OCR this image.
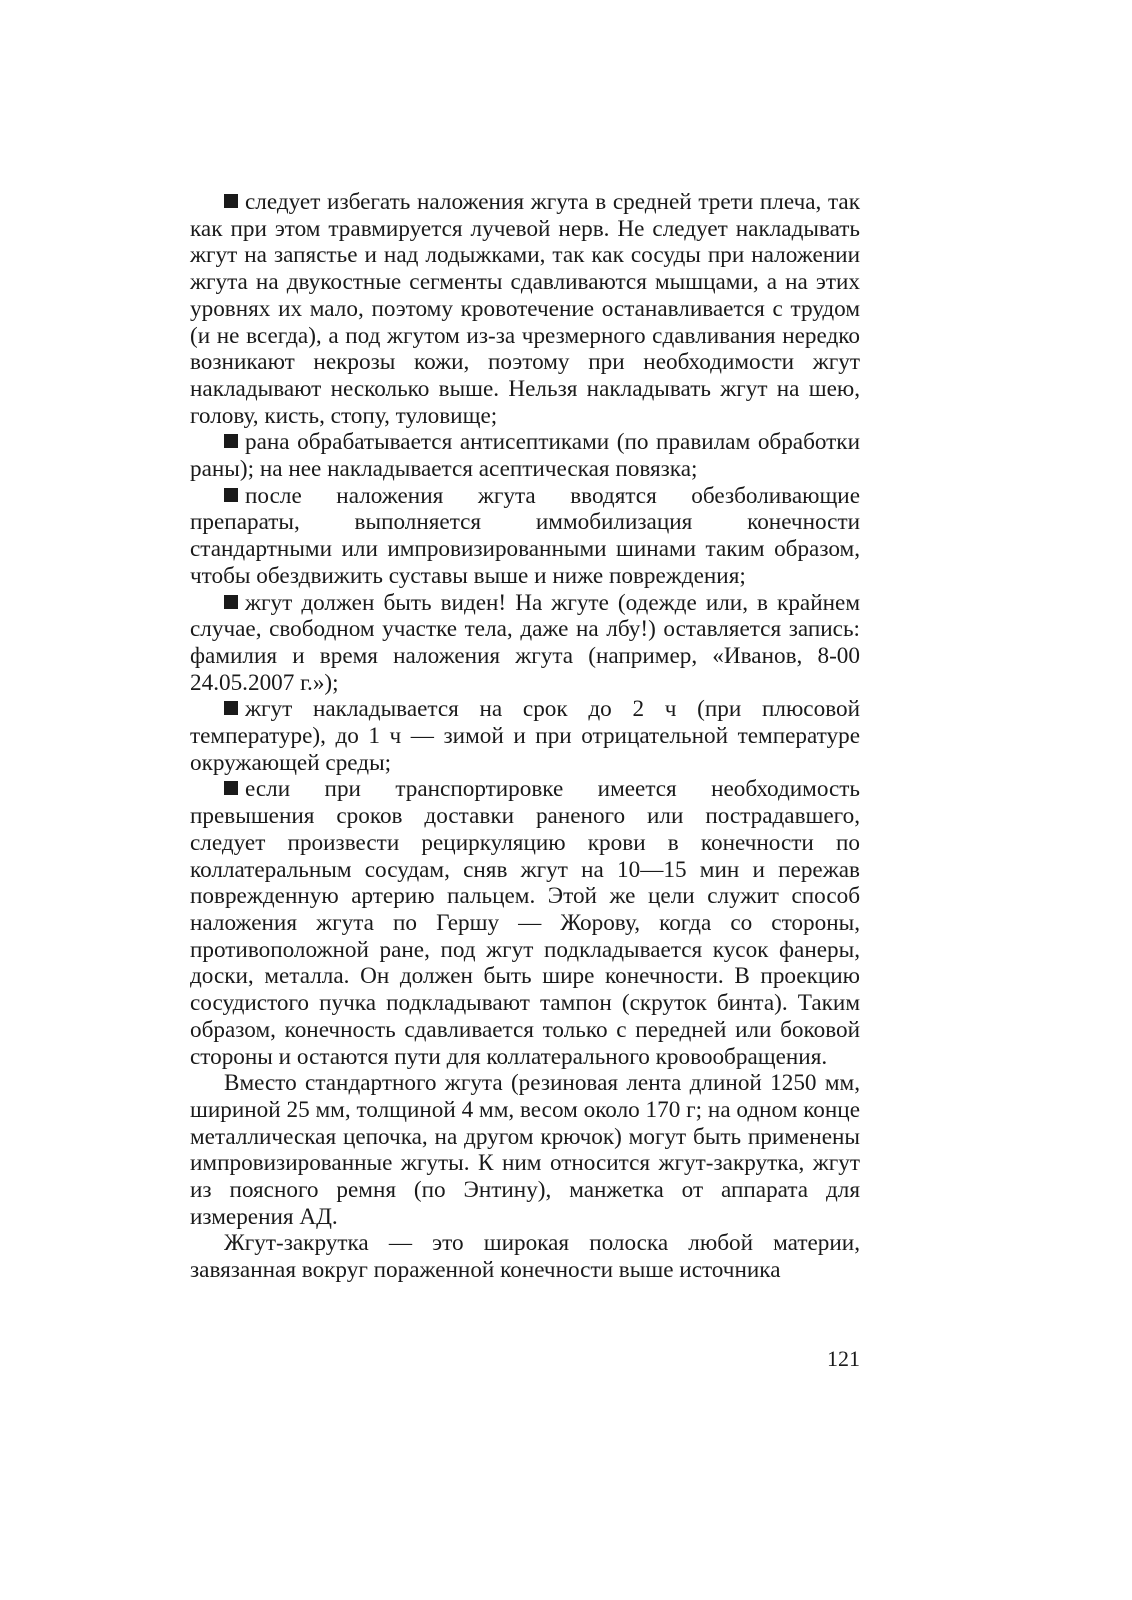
следует избегать наложения жгута в средней трети плеча, так как при этом травмируется лучевой нерв. Не следует накладывать жгут на запястье и над лодыжками, так как сосуды при наложении жгута на двукостные сегменты сдавливаются мышцами, а на этих уровнях их мало, поэтому кровотечение останавливается с трудом (и не всегда), а под жгутом из-за чрезмерного сдавливания нередко возникают некрозы кожи, поэтому при необходимости жгут накладывают несколько выше. Нельзя накладывать жгут на шею, голову, кисть, стопу, туловище;

рана обрабатывается антисептиками (по правилам обработки раны); на нее накладывается асептическая повязка;

после наложения жгута вводятся обезболивающие препараты, выполняется иммобилизация конечности стандартными или импровизированными шинами таким образом, чтобы обездвижить суставы выше и ниже повреждения;

жгут должен быть виден! На жгуте (одежде или, в крайнем случае, свободном участке тела, даже на лбу!) оставляется запись: фамилия и время наложения жгута (например, «Иванов, 8-00 24.05.2007 г.»);

жгут накладывается на срок до 2 ч (при плюсовой температуре), до 1 ч — зимой и при отрицательной температуре окружающей среды;

если при транспортировке имеется необходимость превышения сроков доставки раненого или пострадавшего, следует произвести рециркуляцию крови в конечности по коллатеральным сосудам, сняв жгут на 10—15 мин и пережав поврежденную артерию пальцем. Этой же цели служит способ наложения жгута по Гершу — Жорову, когда со стороны, противоположной ране, под жгут подкладывается кусок фанеры, доски, металла. Он должен быть шире конечности. В проекцию сосудистого пучка подкладывают тампон (скруток бинта). Таким образом, конечность сдавливается только с передней или боковой стороны и остаются пути для коллатерального кровообращения.

Вместо стандартного жгута (резиновая лента длиной 1250 мм, шириной 25 мм, толщиной 4 мм, весом около 170 г; на одном конце металлическая цепочка, на другом крючок) могут быть применены импровизированные жгуты. К ним относится жгут-закрутка, жгут из поясного ремня (по Энтину), манжетка от аппарата для измерения АД.

Жгут-закрутка — это широкая полоска любой материи, завязанная вокруг пораженной конечности выше источника

121
